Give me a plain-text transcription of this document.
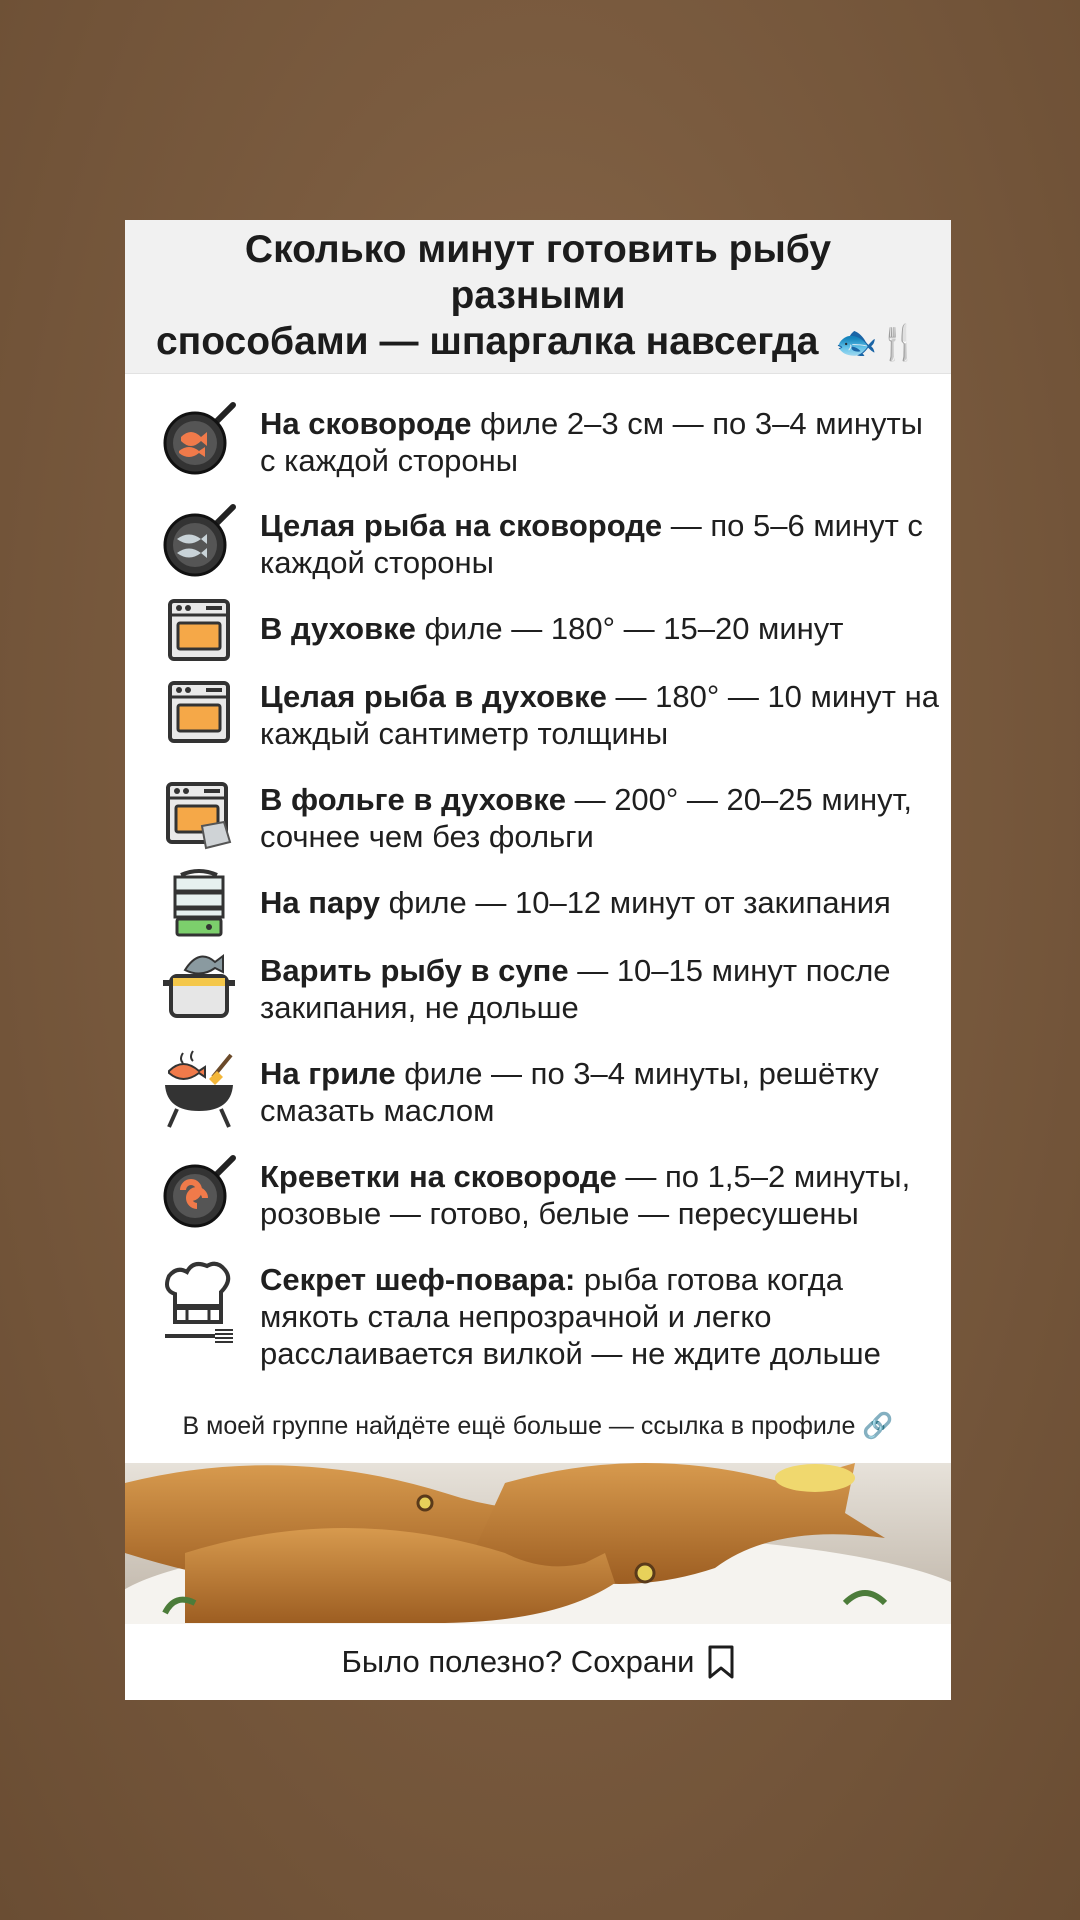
Сколько минут готовить рыбу разными
способами — шпаргалка навсегда 🐟🍴
На сковороде филе 2–3 см — по 3–4 минуты с каждой стороны
Целая рыба на сковороде — по 5–6 минут с каждой стороны
В духовке филе — 180° — 15–20 минут
Целая рыба в духовке — 180° — 10 минут на каждый сантиметр толщины
В фольге в духовке — 200° — 20–25 минут, сочнее чем без фольги
На пару филе — 10–12 минут от закипания
Варить рыбу в супе — 10–15 минут после закипания, не дольше
На гриле филе — по 3–4 минуты, решётку смазать маслом
Креветки на сковороде — по 1,5–2 минуты, розовые — готово, белые — пересушены
Секрет шеф-повара: рыба готова когда мякоть стала непрозрачной и легко расслаивается вилкой — не ждите дольше
В моей группе найдёте ещё больше — ссылка в профиле 🔗
Было полезно? Сохрани
